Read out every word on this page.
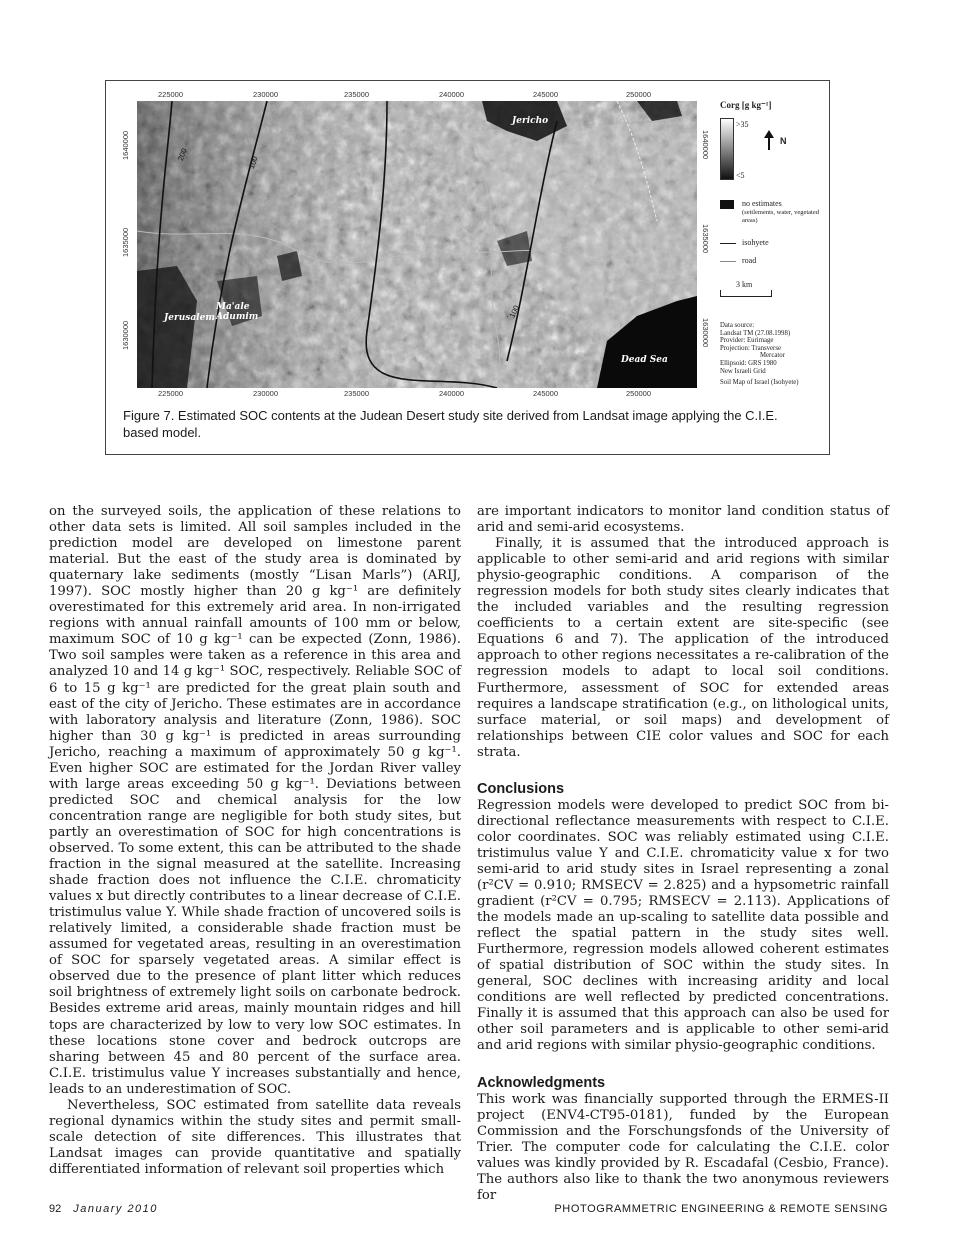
225000	230000	235000	240000	245000	250000
225000	230000	235000	240000	245000	250000
1640000
1635000
1630000
1640000
1635000
1630000
200
100
100
Jericho
Jerusalem
Ma'ale Adumim
Dead Sea
Corg [g kg⁻¹]
>35
<5
N
no estimates
(settlements, water, vegetated areas)
isohyete
road
3 km
Data source:
Landsat TM (27.08.1998)
Provider: Eurimage
Projection: Transverse
Mercator
Ellipsoid: GRS 1980
New Israeli Grid
Soil Map of Israel (Isohyete)
Figure 7. Estimated SOC contents at the Judean Desert study site derived from Landsat image applying the C.I.E. based model.

on the surveyed soils, the application of these relations to other data sets is limited. All soil samples included in the prediction model are developed on limestone parent material. But the east of the study area is dominated by quaternary lake sediments (mostly “Lisan Marls”) (ARIJ, 1997). SOC mostly higher than 20 g kg⁻¹ are definitely overestimated for this extremely arid area. In non-irrigated regions with annual rainfall amounts of 100 mm or below, maximum SOC of 10 g kg⁻¹ can be expected (Zonn, 1986). Two soil samples were taken as a reference in this area and analyzed 10 and 14 g kg⁻¹ SOC, respectively. Reliable SOC of 6 to 15 g kg⁻¹ are predicted for the great plain south and east of the city of Jericho. These estimates are in accordance with laboratory analysis and literature (Zonn, 1986). SOC higher than 30 g kg⁻¹ is predicted in areas surrounding Jericho, reaching a maximum of approximately 50 g kg⁻¹. Even higher SOC are estimated for the Jordan River valley with large areas exceeding 50 g kg⁻¹. Deviations between predicted SOC and chemical analysis for the low concentration range are negligible for both study sites, but partly an overestimation of SOC for high concentrations is observed. To some extent, this can be attributed to the shade fraction in the signal measured at the satellite. Increasing shade fraction does not influence the C.I.E. chromaticity values x but directly contributes to a linear decrease of C.I.E. tristimulus value Y. While shade fraction of uncovered soils is relatively limited, a considerable shade fraction must be assumed for vegetated areas, resulting in an overestimation of SOC for sparsely vegetated areas. A similar effect is observed due to the presence of plant litter which reduces soil brightness of extremely light soils on carbonate bedrock. Besides extreme arid areas, mainly mountain ridges and hill tops are characterized by low to very low SOC estimates. In these locations stone cover and bedrock outcrops are sharing between 45 and 80 percent of the surface area. C.I.E. tristimulus value Y increases substantially and hence, leads to an underestimation of SOC.

Nevertheless, SOC estimated from satellite data reveals regional dynamics within the study sites and permit small-scale detection of site differences. This illustrates that Landsat images can provide quantitative and spatially differentiated information of relevant soil properties which

are important indicators to monitor land condition status of arid and semi-arid ecosystems.

Finally, it is assumed that the introduced approach is applicable to other semi-arid and arid regions with similar physio-geographic conditions. A comparison of the regression models for both study sites clearly indicates that the included variables and the resulting regression coefficients to a certain extent are site-specific (see Equations 6 and 7). The application of the introduced approach to other regions necessitates a re-calibration of the regression models to adapt to local soil conditions. Furthermore, assessment of SOC for extended areas requires a landscape stratification (e.g., on lithological units, surface material, or soil maps) and development of relationships between CIE color values and SOC for each strata.

Conclusions

Regression models were developed to predict SOC from bi-directional reflectance measurements with respect to C.I.E. color coordinates. SOC was reliably estimated using C.I.E. tristimulus value Y and C.I.E. chromaticity value x for two semi-arid to arid study sites in Israel representing a zonal (r²CV = 0.910; RMSECV = 2.825) and a hypsometric rainfall gradient (r²CV = 0.795; RMSECV = 2.113). Applications of the models made an up-scaling to satellite data possible and reflect the spatial pattern in the study sites well. Furthermore, regression models allowed coherent estimates of spatial distribution of SOC within the study sites. In general, SOC declines with increasing aridity and local conditions are well reflected by predicted concentrations. Finally it is assumed that this approach can also be used for other soil parameters and is applicable to other semi-arid and arid regions with similar physio-geographic conditions.

Acknowledgments

This work was financially supported through the ERMES-II project (ENV4-CT95-0181), funded by the European Commission and the Forschungsfonds of the University of Trier. The computer code for calculating the C.I.E. color values was kindly provided by R. Escadafal (Cesbio, France). The authors also like to thank the two anonymous reviewers for

92 January 2010	PHOTOGRAMMETRIC ENGINEERING & REMOTE SENSING
